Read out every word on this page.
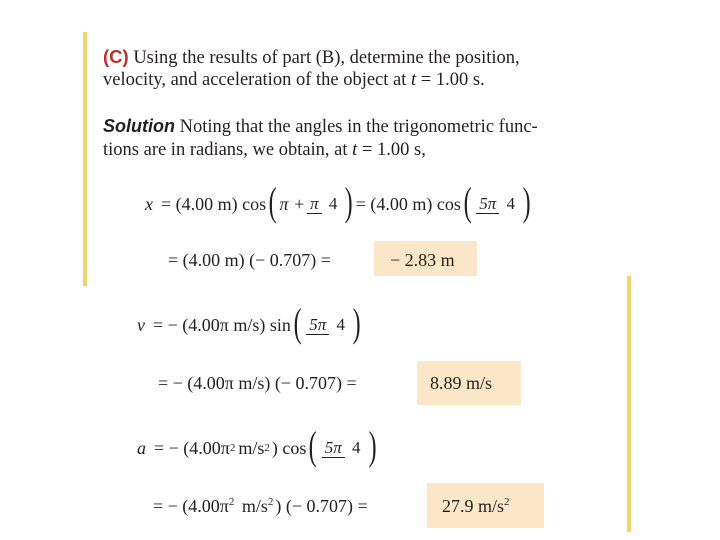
(C) Using the results of part (B), determine the position,
velocity, and acceleration of the object at t = 1.00 s.
Solution Noting that the angles in the trigonometric func-
tions are in radians, we obtain, at t = 1.00 s,
x = (4.00 m) cos ( π + π 4 ) = (4.00 m) cos ( 5π 4 )
= (4.00 m) (− 0.707) =	− 2.83 m
v = − (4.00π m/s) sin ( 5π 4 )
= − (4.00π m/s) (− 0.707) =	8.89 m/s
a = − (4.00π 2 m/s 2 ) cos ( 5π 4 )
= − ($4.00\pi^2$ $m/s^2$ ) (− 0.707) =	27.9 $m/s^2$
